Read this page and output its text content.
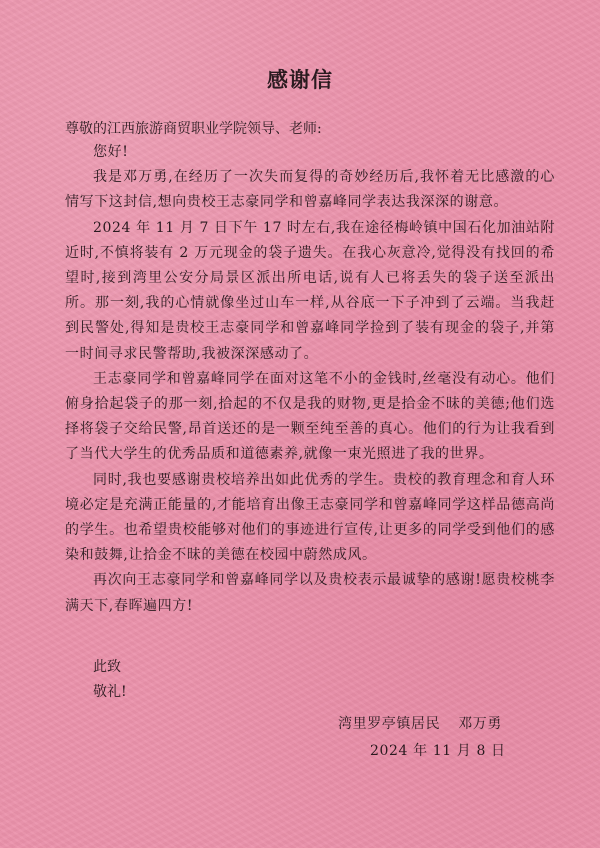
感谢信
尊敬的江西旅游商贸职业学院领导、老师:

您好!

我是邓万勇,在经历了一次失而复得的奇妙经历后,我怀着无比感激的心情写下这封信,想向贵校王志豪同学和曾嘉峰同学表达我深深的谢意。

2024 年 11 月 7 日下午 17 时左右,我在途径梅岭镇中国石化加油站附近时,不慎将装有 2 万元现金的袋子遗失。在我心灰意冷,觉得没有找回的希望时,接到湾里公安分局景区派出所电话,说有人已将丢失的袋子送至派出所。那一刻,我的心情就像坐过山车一样,从谷底一下子冲到了云端。当我赶到民警处,得知是贵校王志豪同学和曾嘉峰同学捡到了装有现金的袋子,并第一时间寻求民警帮助,我被深深感动了。

王志豪同学和曾嘉峰同学在面对这笔不小的金钱时,丝毫没有动心。他们俯身拾起袋子的那一刻,拾起的不仅是我的财物,更是拾金不昧的美德;他们选择将袋子交给民警,昂首送还的是一颗至纯至善的真心。他们的行为让我看到了当代大学生的优秀品质和道德素养,就像一束光照进了我的世界。

同时,我也要感谢贵校培养出如此优秀的学生。贵校的教育理念和育人环境必定是充满正能量的,才能培育出像王志豪同学和曾嘉峰同学这样品德高尚的学生。也希望贵校能够对他们的事迹进行宣传,让更多的同学受到他们的感染和鼓舞,让拾金不昧的美德在校园中蔚然成风。

再次向王志豪同学和曾嘉峰同学以及贵校表示最诚挚的感谢!愿贵校桃李满天下,春晖遍四方!

此致
敬礼!
湾里罗亭镇居民 邓万勇
2024 年 11 月 8 日
